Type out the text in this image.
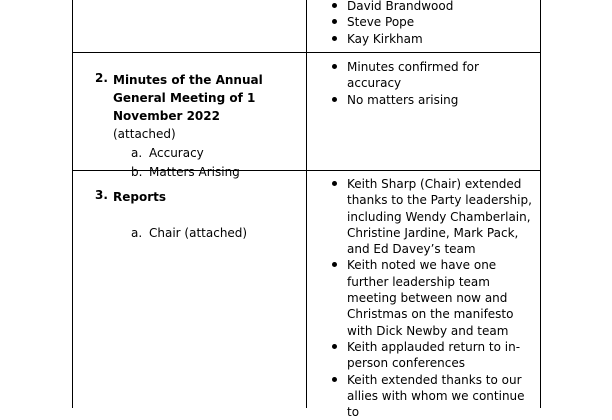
David Brandwood
Steve Pope
Kay Kirkham
2. Minutes of the Annual General Meeting of 1 November 2022
(attached)
a. Accuracy
b. Matters Arising
Minutes confirmed for accuracy
No matters arising
3. Reports
a. Chair (attached)
Keith Sharp (Chair) extended thanks to the Party leadership, including Wendy Chamberlain, Christine Jardine, Mark Pack, and Ed Davey’s team
Keith noted we have one further leadership team meeting between now and Christmas on the manifesto with Dick Newby and team
Keith applauded return to in-person conferences
Keith extended thanks to our allies with whom we continue to
